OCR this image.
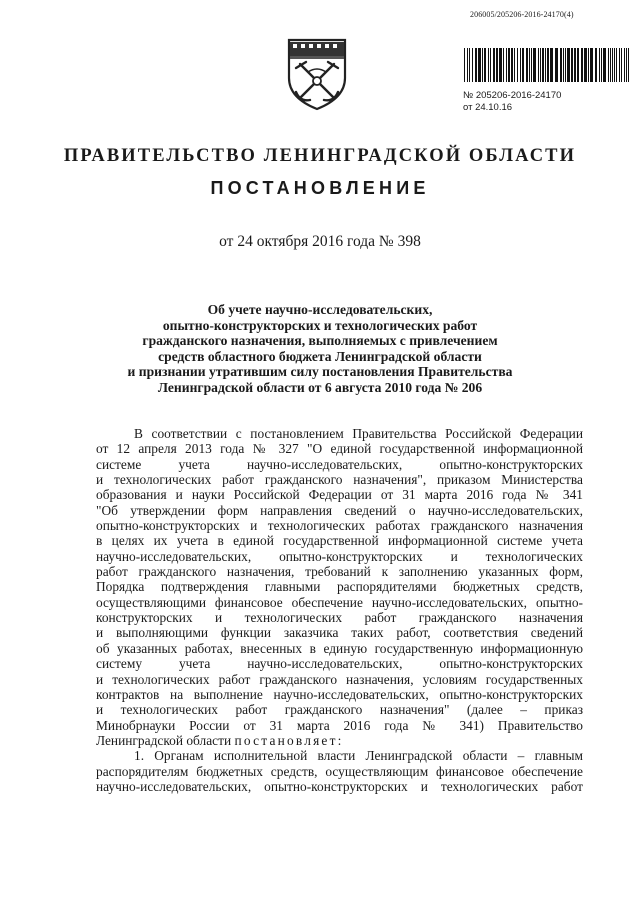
206005/205206-2016-24170(4)
№ 205206-2016-24170
от 24.10.16
ПРАВИТЕЛЬСТВО ЛЕНИНГРАДСКОЙ ОБЛАСТИ
ПОСТАНОВЛЕНИЕ
от 24 октября 2016 года № 398
Об учете научно-исследовательских,
опытно-конструкторских и технологических работ
гражданского назначения, выполняемых с привлечением
средств областного бюджета Ленинградской области
и признании утратившим силу постановления Правительства
Ленинградской области от 6 августа 2010 года № 206
В соответствии с постановлением Правительства Российской Федерации
от 12 апреля 2013 года № 327 "О единой государственной информационной
системе учета научно-исследовательских, опытно-конструкторских
и технологических работ гражданского назначения", приказом Министерства
образования и науки Российской Федерации от 31 марта 2016 года № 341
"Об утверждении форм направления сведений о научно-исследовательских,
опытно-конструкторских и технологических работах гражданского назначения
в целях их учета в единой государственной информационной системе учета
научно-исследовательских, опытно-конструкторских и технологических
работ гражданского назначения, требований к заполнению указанных форм,
Порядка подтверждения главными распорядителями бюджетных средств,
осуществляющими финансовое обеспечение научно-исследовательских, опытно-
конструкторских и технологических работ гражданского назначения
и выполняющими функции заказчика таких работ, соответствия сведений
об указанных работах, внесенных в единую государственную информационную
систему учета научно-исследовательских, опытно-конструкторских
и технологических работ гражданского назначения, условиям государственных
контрактов на выполнение научно-исследовательских, опытно-конструкторских
и технологических работ гражданского назначения" (далее – приказ
Минобрнауки России от 31 марта 2016 года № 341) Правительство
Ленинградской области постановляет:
1. Органам исполнительной власти Ленинградской области – главным
распорядителям бюджетных средств, осуществляющим финансовое обеспечение
научно-исследовательских, опытно-конструкторских и технологических работ
